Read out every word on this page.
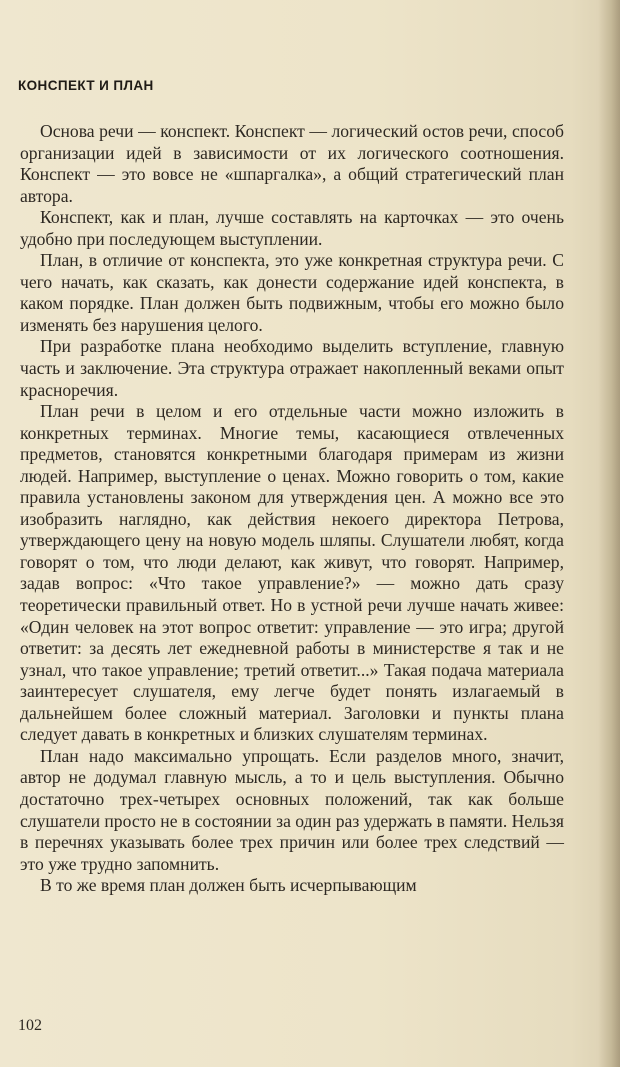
КОНСПЕКТ И ПЛАН

Основа речи — конспект. Конспект — логический остов речи, способ организации идей в зависимости от их логического соотношения. Конспект — это вовсе не «шпаргалка», а общий стратегический план автора.

Конспект, как и план, лучше составлять на карточках — это очень удобно при последующем выступлении.

План, в отличие от конспекта, это уже конкретная структура речи. С чего начать, как сказать, как донести содержание идей конспекта, в каком порядке. План должен быть подвижным, чтобы его можно было изменять без нарушения целого.

При разработке плана необходимо выделить вступление, главную часть и заключение. Эта структура отражает накопленный веками опыт красноречия.

План речи в целом и его отдельные части можно изложить в конкретных терминах. Многие темы, касающиеся отвлеченных предметов, становятся конкретными благодаря примерам из жизни людей. Например, выступление о ценах. Можно говорить о том, какие правила установлены законом для утверждения цен. А можно все это изобразить наглядно, как действия некоего директора Петрова, утверждающего цену на новую модель шляпы. Слушатели любят, когда говорят о том, что люди делают, как живут, что говорят. Например, задав вопрос: «Что такое управление?» — можно дать сразу теоретически правильный ответ. Но в устной речи лучше начать живее: «Один человек на этот вопрос ответит: управление — это игра; другой ответит: за десять лет ежедневной работы в министерстве я так и не узнал, что такое управление; третий ответит...» Такая подача материала заинтересует слушателя, ему легче будет понять излагаемый в дальнейшем более сложный материал. Заголовки и пункты плана следует давать в конкретных и близких слушателям терминах.

План надо максимально упрощать. Если разделов много, значит, автор не додумал главную мысль, а то и цель выступления. Обычно достаточно трех-четырех основных положений, так как больше слушатели просто не в состоянии за один раз удержать в памяти. Нельзя в перечнях указывать более трех причин или более трех следствий — это уже трудно запомнить.

В то же время план должен быть исчерпывающим

102
